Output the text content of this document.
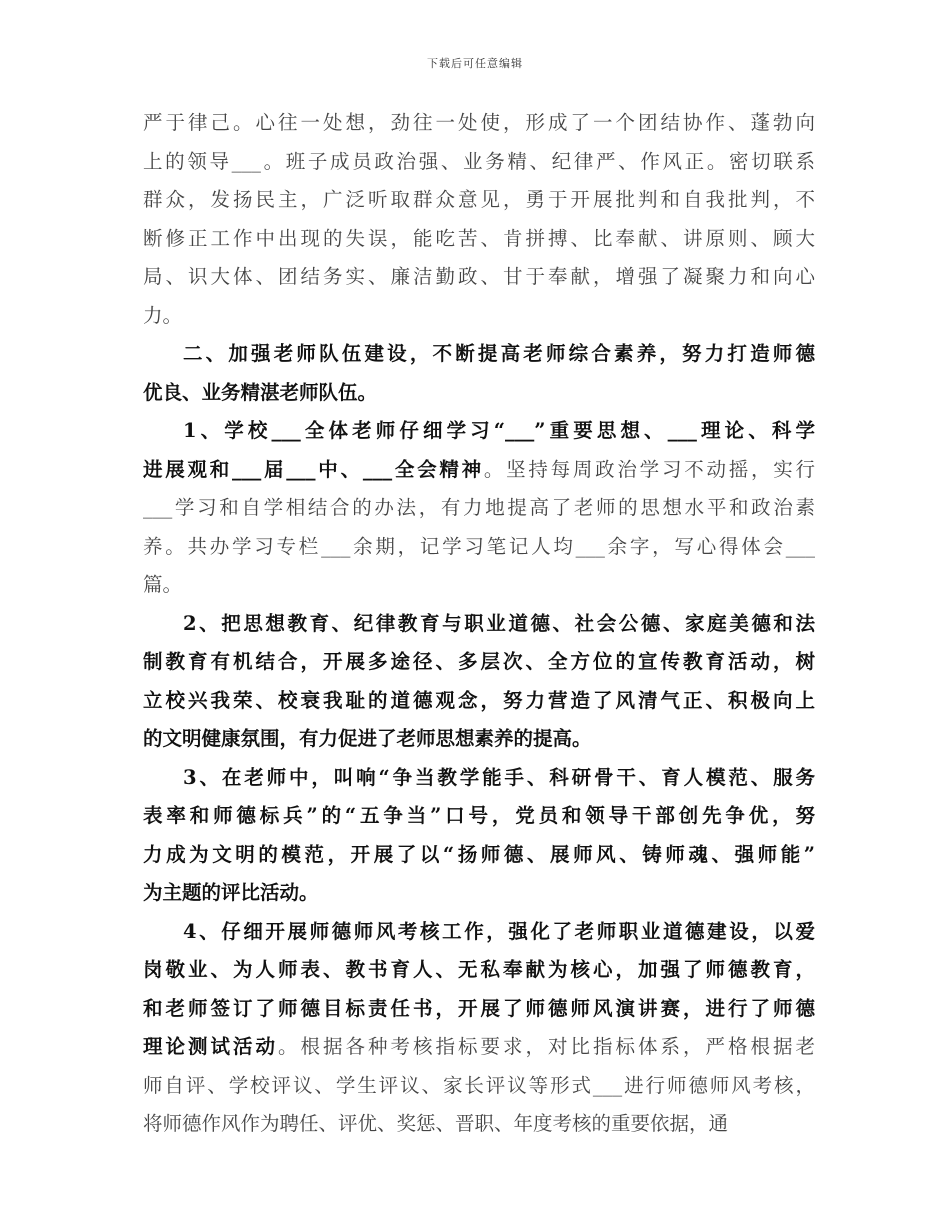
下载后可任意编辑
严于律己。心往一处想，劲往一处使，形成了一个团结协作、蓬勃向
上的领导___。班子成员政治强、业务精、纪律严、作风正。密切联系
群众，发扬民主，广泛听取群众意见，勇于开展批判和自我批判，不
断修正工作中出现的失误，能吃苦、肯拼搏、比奉献、讲原则、顾大
局、识大体、团结务实、廉洁勤政、甘于奉献，增强了凝聚力和向心
力。
二、加强老师队伍建设，不断提高老师综合素养，努力打造师德
优良、业务精湛老师队伍。
1、学校___全体老师仔细学习“___”重要思想、___理论、科学
进展观和___届___中、___全会精神。坚持每周政治学习不动摇，实行
___学习和自学相结合的办法，有力地提高了老师的思想水平和政治素
养。共办学习专栏___余期，记学习笔记人均___余字，写心得体会___
篇。
2、把思想教育、纪律教育与职业道德、社会公德、家庭美德和法
制教育有机结合，开展多途径、多层次、全方位的宣传教育活动，树
立校兴我荣、校衰我耻的道德观念，努力营造了风清气正、积极向上
的文明健康氛围，有力促进了老师思想素养的提高。
3、在老师中，叫响“争当教学能手、科研骨干、育人模范、服务
表率和师德标兵”的“五争当”口号，党员和领导干部创先争优，努
力成为文明的模范，开展了以“扬师德、展师风、铸师魂、强师能”
为主题的评比活动。
4、仔细开展师德师风考核工作，强化了老师职业道德建设，以爱
岗敬业、为人师表、教书育人、无私奉献为核心，加强了师德教育，
和老师签订了师德目标责任书，开展了师德师风演讲赛，进行了师德
理论测试活动。根据各种考核指标要求，对比指标体系，严格根据老
师自评、学校评议、学生评议、家长评议等形式___进行师德师风考核，
将师德作风作为聘任、评优、奖惩、晋职、年度考核的重要依据，通
